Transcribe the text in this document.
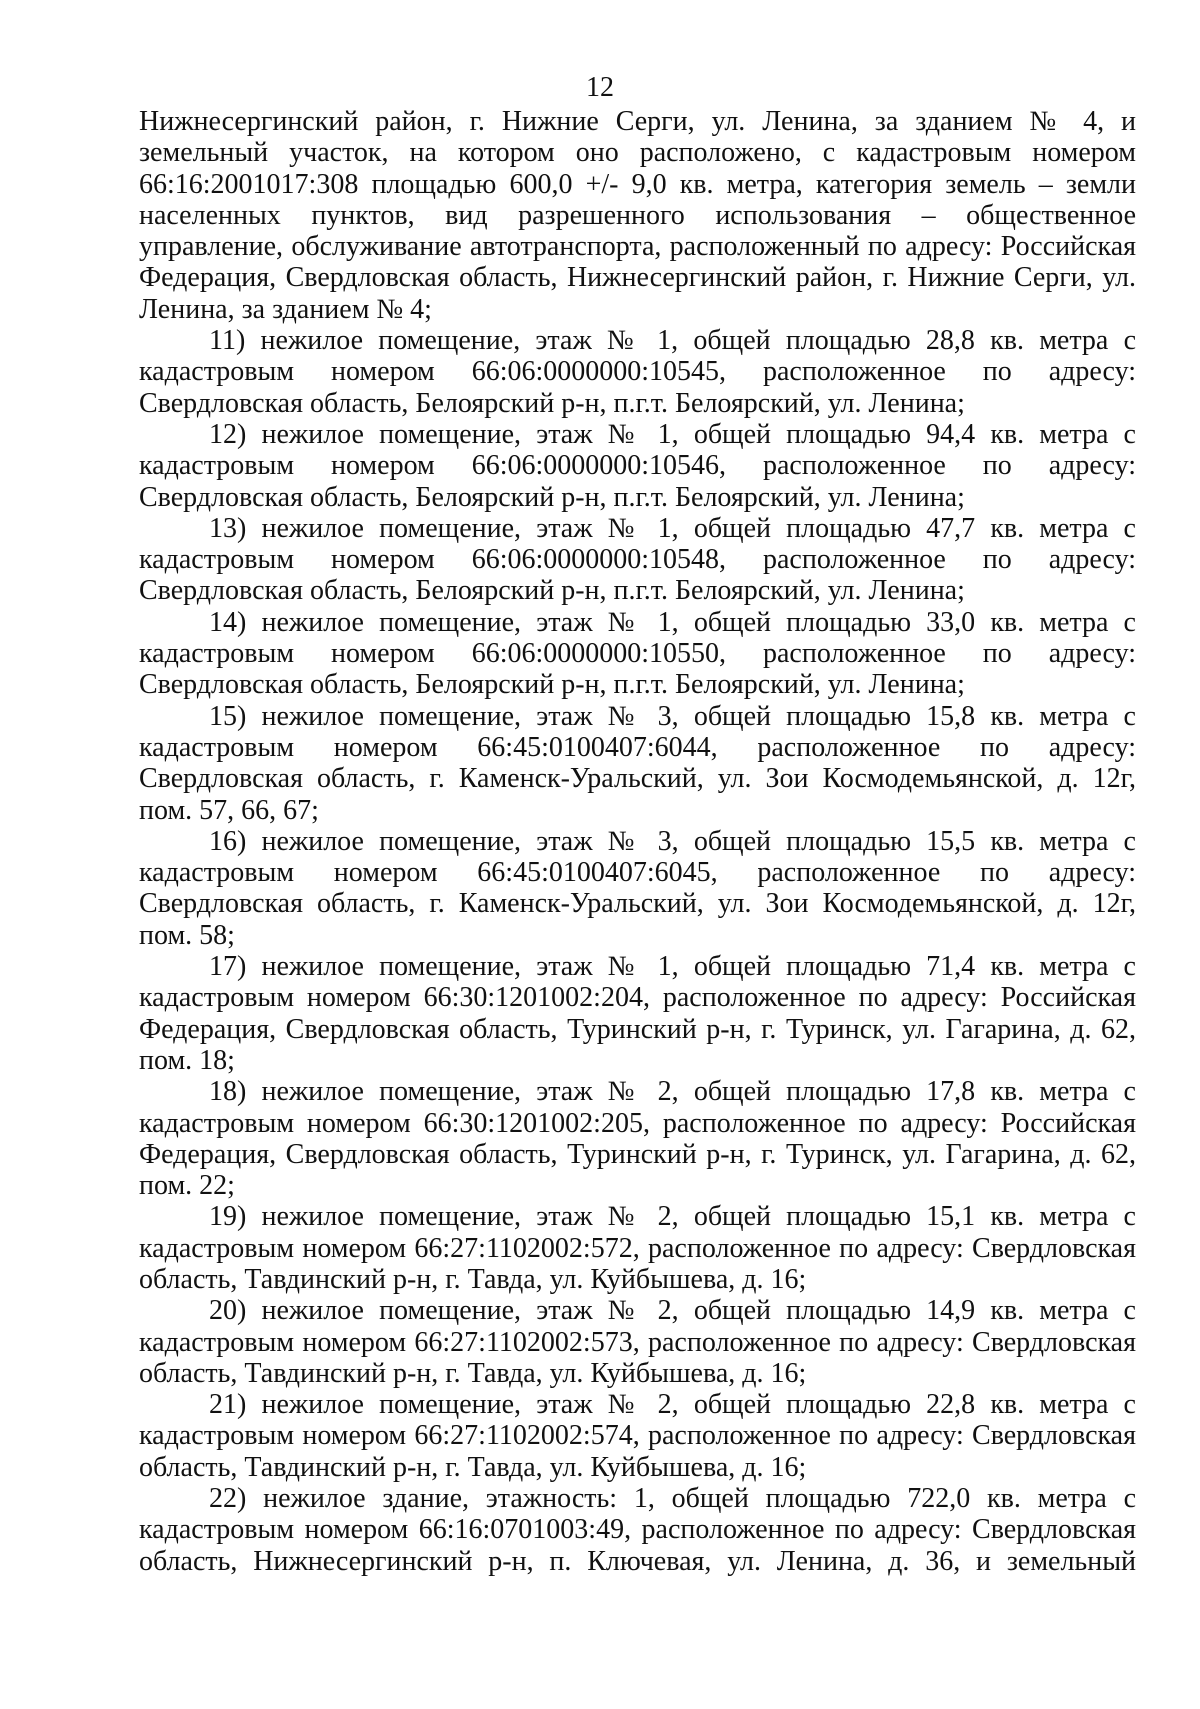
12

Нижнесергинский район, г. Нижние Серги, ул. Ленина, за зданием № 4, и земельный участок, на котором оно расположено, с кадастровым номером 66:16:2001017:308 площадью 600,0 +/- 9,0 кв. метра, категория земель – земли населенных пунктов, вид разрешенного использования – общественное управление, обслуживание автотранспорта, расположенный по адресу: Российская Федерация, Свердловская область, Нижнесергинский район, г. Нижние Серги, ул. Ленина, за зданием № 4;

11) нежилое помещение, этаж № 1, общей площадью 28,8 кв. метра с кадастровым номером 66:06:0000000:10545, расположенное по адресу: Свердловская область, Белоярский р-н, п.г.т. Белоярский, ул. Ленина;

12) нежилое помещение, этаж № 1, общей площадью 94,4 кв. метра с кадастровым номером 66:06:0000000:10546, расположенное по адресу: Свердловская область, Белоярский р-н, п.г.т. Белоярский, ул. Ленина;

13) нежилое помещение, этаж № 1, общей площадью 47,7 кв. метра с кадастровым номером 66:06:0000000:10548, расположенное по адресу: Свердловская область, Белоярский р-н, п.г.т. Белоярский, ул. Ленина;

14) нежилое помещение, этаж № 1, общей площадью 33,0 кв. метра с кадастровым номером 66:06:0000000:10550, расположенное по адресу: Свердловская область, Белоярский р-н, п.г.т. Белоярский, ул. Ленина;

15) нежилое помещение, этаж № 3, общей площадью 15,8 кв. метра с кадастровым номером 66:45:0100407:6044, расположенное по адресу: Свердловская область, г. Каменск-Уральский, ул. Зои Космодемьянской, д. 12г, пом. 57, 66, 67;

16) нежилое помещение, этаж № 3, общей площадью 15,5 кв. метра с кадастровым номером 66:45:0100407:6045, расположенное по адресу: Свердловская область, г. Каменск-Уральский, ул. Зои Космодемьянской, д. 12г, пом. 58;

17) нежилое помещение, этаж № 1, общей площадью 71,4 кв. метра с кадастровым номером 66:30:1201002:204, расположенное по адресу: Российская Федерация, Свердловская область, Туринский р-н, г. Туринск, ул. Гагарина, д. 62, пом. 18;

18) нежилое помещение, этаж № 2, общей площадью 17,8 кв. метра с кадастровым номером 66:30:1201002:205, расположенное по адресу: Российская Федерация, Свердловская область, Туринский р-н, г. Туринск, ул. Гагарина, д. 62, пом. 22;

19) нежилое помещение, этаж № 2, общей площадью 15,1 кв. метра с кадастровым номером 66:27:1102002:572, расположенное по адресу: Свердловская область, Тавдинский р-н, г. Тавда, ул. Куйбышева, д. 16;

20) нежилое помещение, этаж № 2, общей площадью 14,9 кв. метра с кадастровым номером 66:27:1102002:573, расположенное по адресу: Свердловская область, Тавдинский р-н, г. Тавда, ул. Куйбышева, д. 16;

21) нежилое помещение, этаж № 2, общей площадью 22,8 кв. метра с кадастровым номером 66:27:1102002:574, расположенное по адресу: Свердловская область, Тавдинский р-н, г. Тавда, ул. Куйбышева, д. 16;

22) нежилое здание, этажность: 1, общей площадью 722,0 кв. метра с кадастровым номером 66:16:0701003:49, расположенное по адресу: Свердловская область, Нижнесергинский р-н, п. Ключевая, ул. Ленина, д. 36, и земельный
